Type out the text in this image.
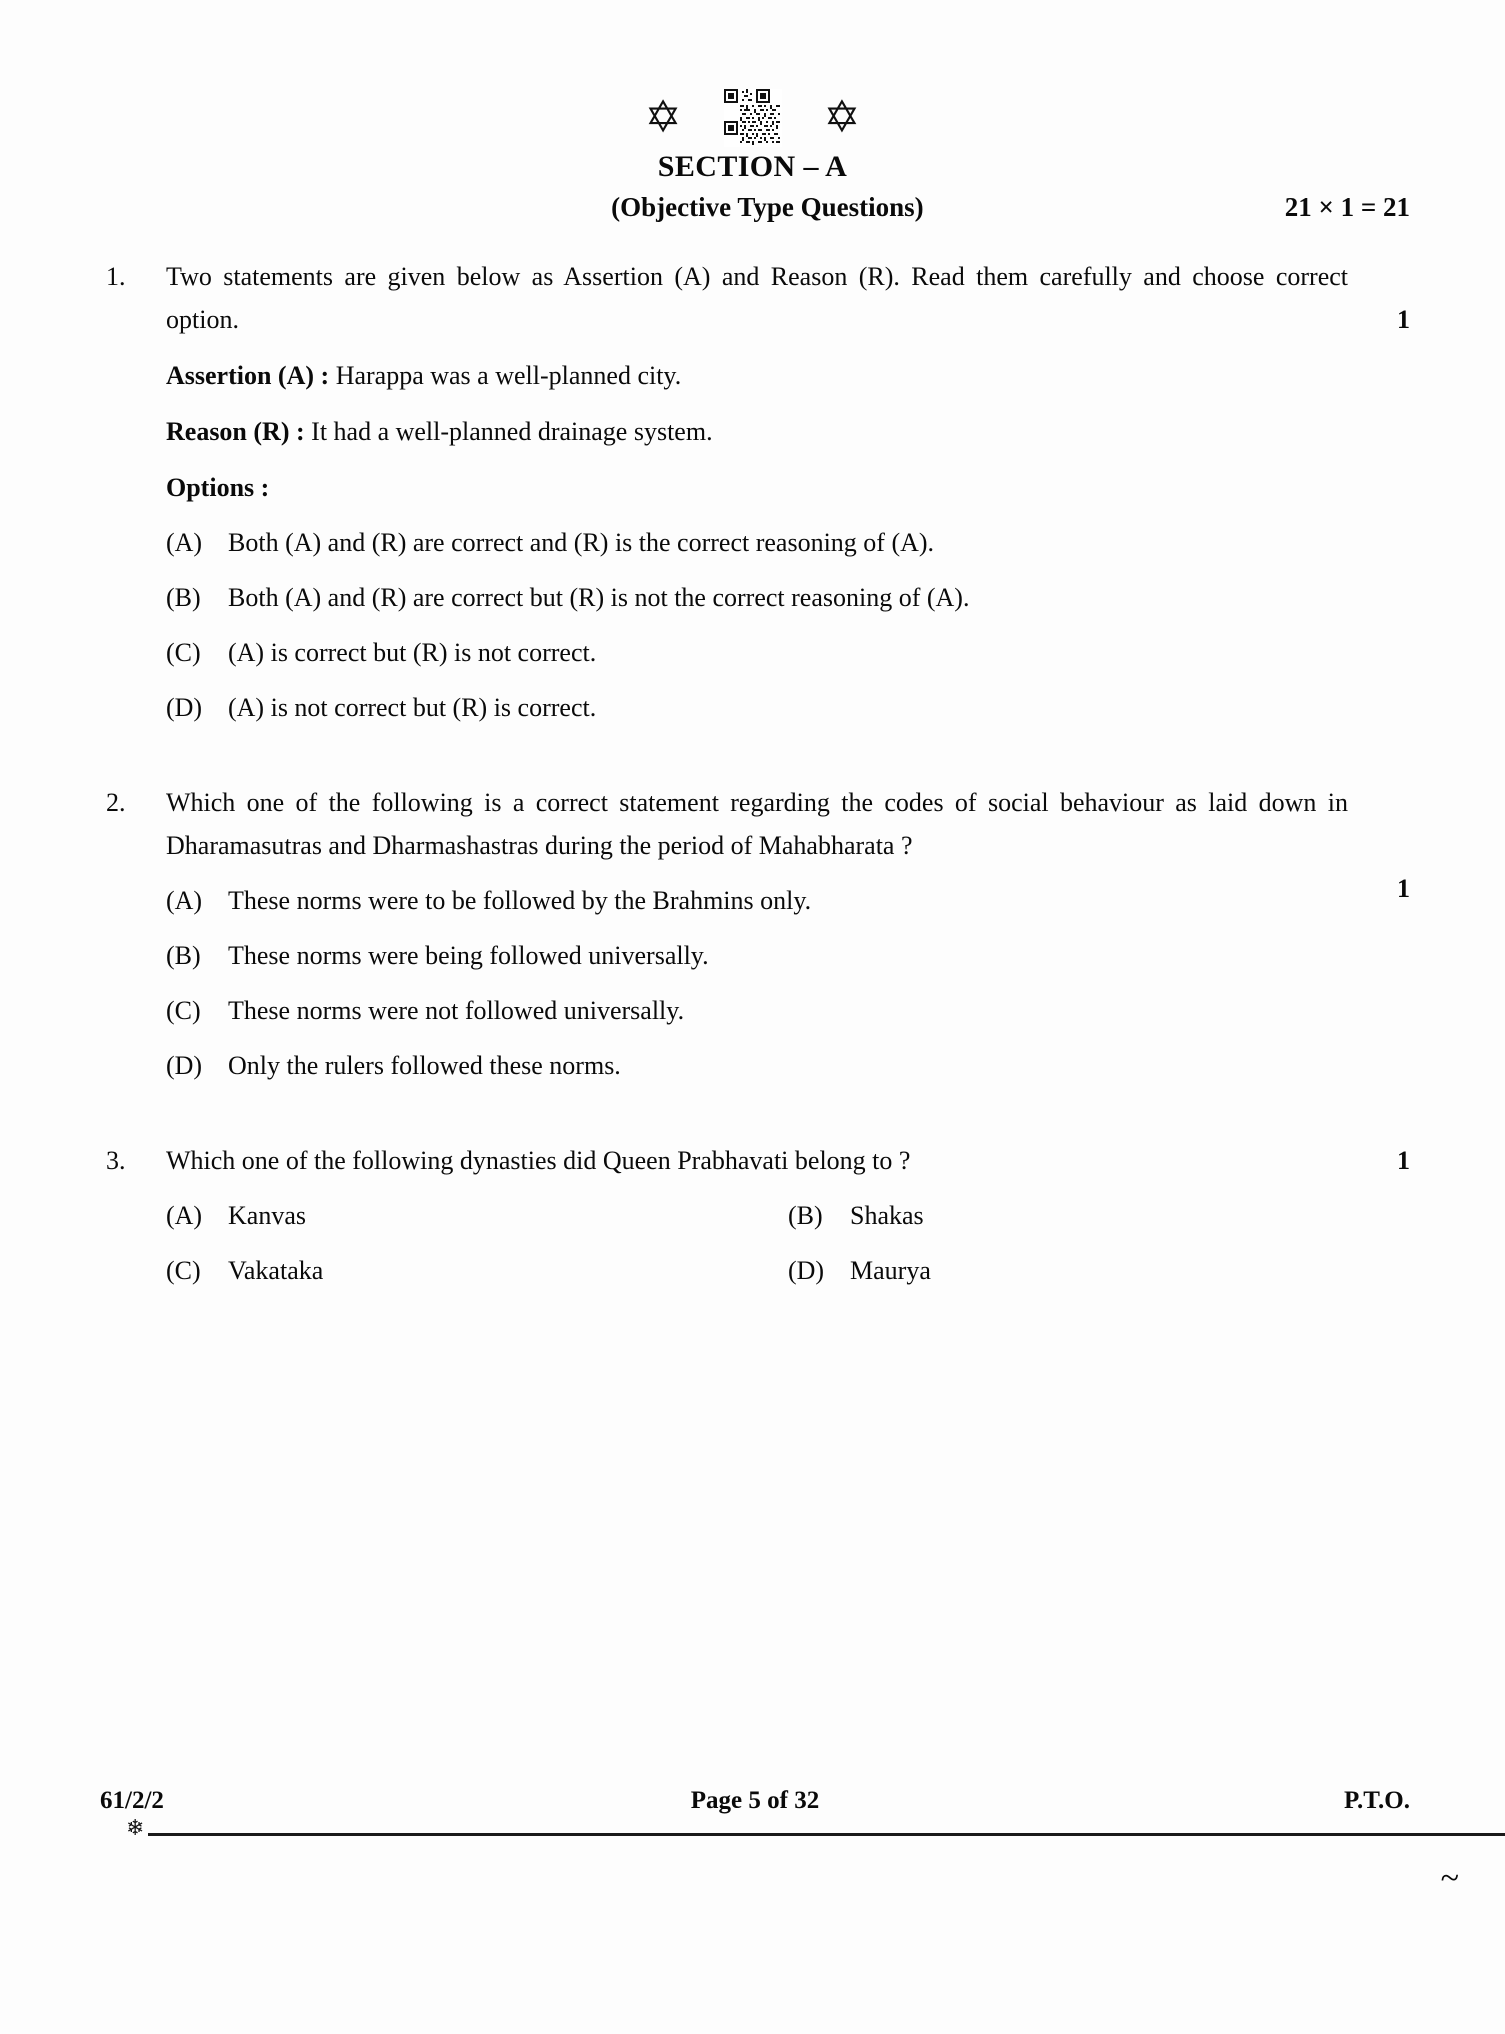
✡	✡
SECTION – A
(Objective Type Questions)	21 × 1 = 21
1.	Two statements are given below as Assertion (A) and Reason (R). Read them carefully and choose correct option.
Assertion (A) : Harappa was a well-planned city.
Reason (R) : It had a well-planned drainage system.
Options :
(A) Both (A) and (R) are correct and (R) is the correct reasoning of (A).
(B)	Both (A) and (R) are correct but (R) is not the correct reasoning of (A).
(C)	(A) is correct but (R) is not correct.
(D) (A) is not correct but (R) is correct.
1
2.	Which one of the following is a correct statement regarding the codes of social behaviour as laid down in Dharamasutras and Dharmashastras during the period of Mahabharata ?
(A) These norms were to be followed by the Brahmins only.
(B)	These norms were being followed universally.
(C)	These norms were not followed universally.
(D) Only the rulers followed these norms.
1
3.	Which one of the following dynasties did Queen Prabhavati belong to ?
(A) Kanvas	(B)	Shakas
(C)	Vakataka	(D) Maurya
1
61/2/2	Page 5 of 32	P.T.O.
❄
~
